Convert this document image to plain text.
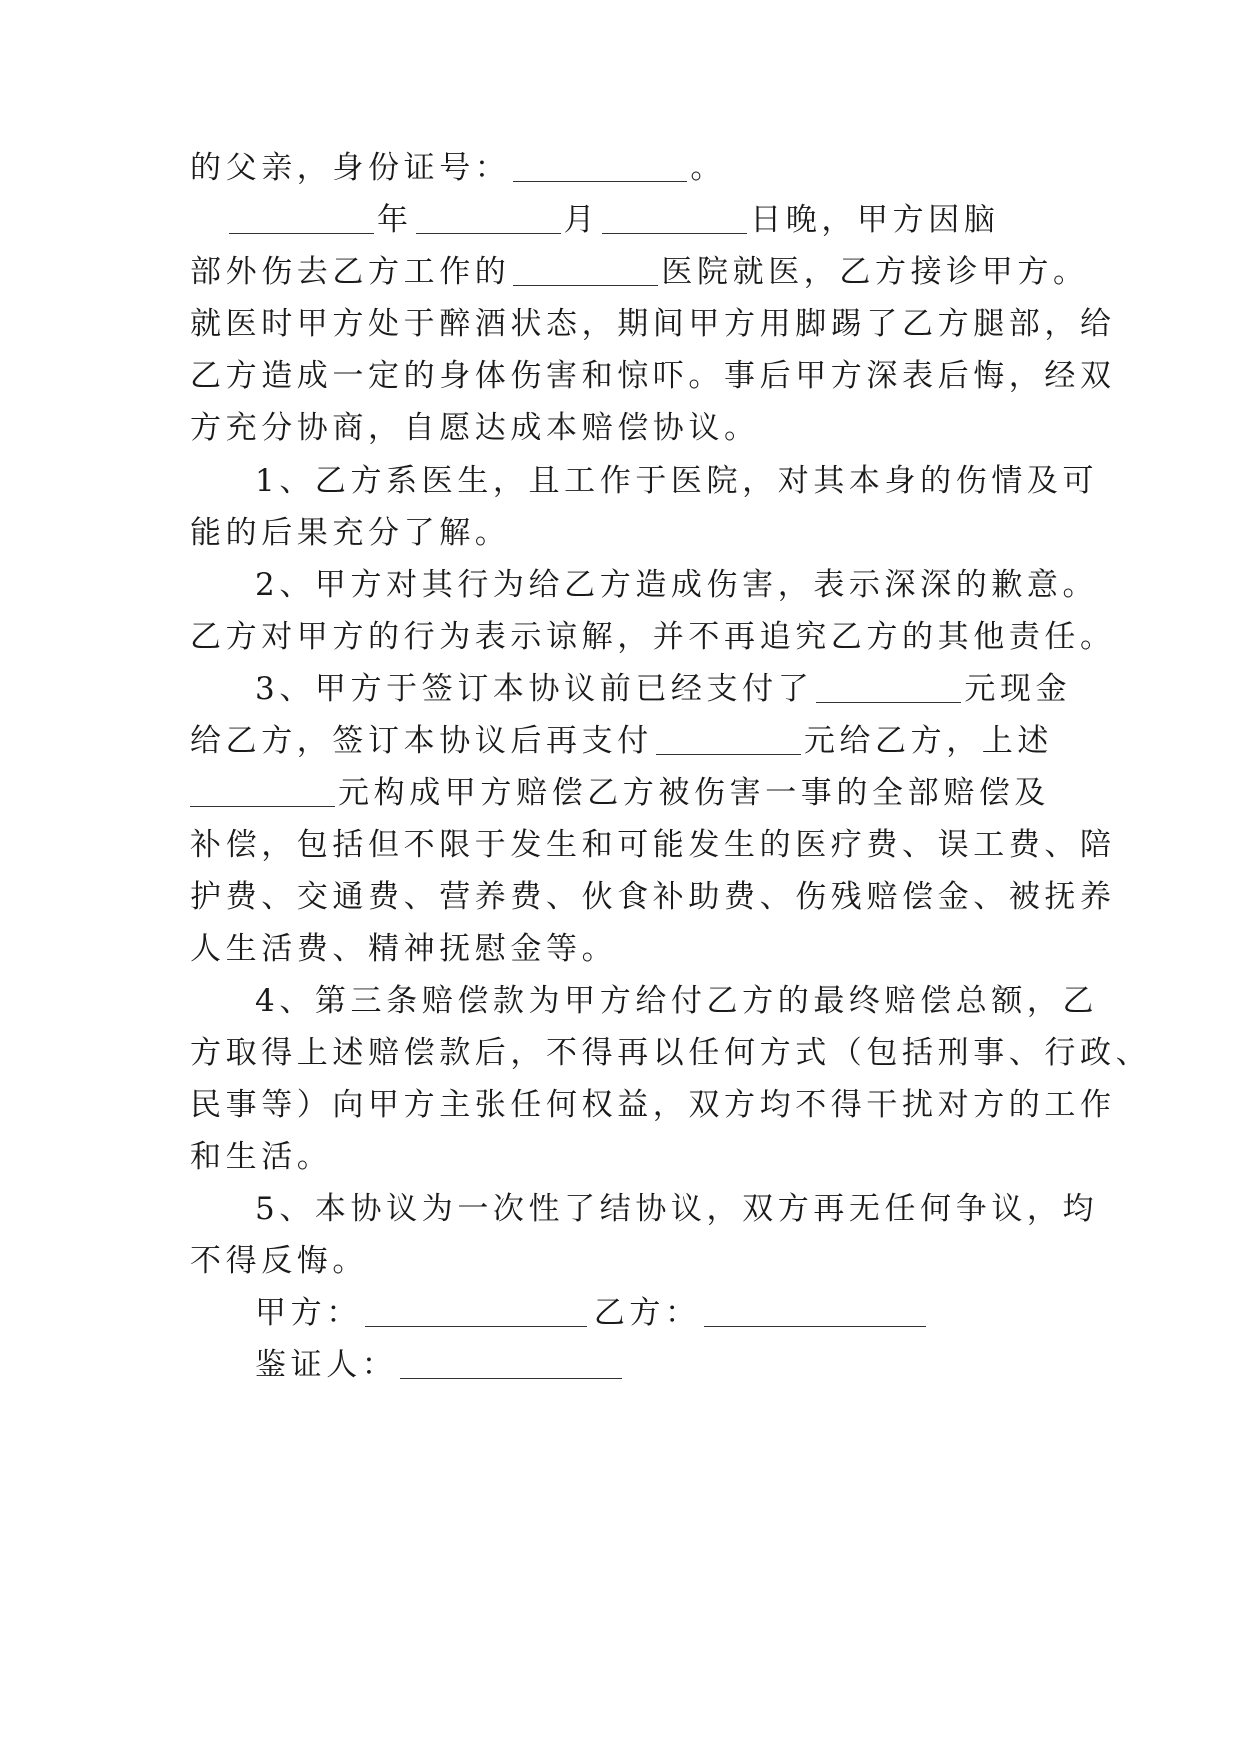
的父亲，身份证号：	。
年	月	日晚，甲方因脑
部外伤去乙方工作的	医院就医，乙方接诊甲方。
就医时甲方处于醉酒状态，期间甲方用脚踢了乙方腿部，给
乙方造成一定的身体伤害和惊吓。事后甲方深表后悔，经双
方充分协商，自愿达成本赔偿协议。
1、乙方系医生，且工作于医院，对其本身的伤情及可
能的后果充分了解。
2、甲方对其行为给乙方造成伤害，表示深深的歉意。
乙方对甲方的行为表示谅解，并不再追究乙方的其他责任。
3、甲方于签订本协议前已经支付了	元现金
给乙方，签订本协议后再支付	元给乙方，上述
元构成甲方赔偿乙方被伤害一事的全部赔偿及
补偿，包括但不限于发生和可能发生的医疗费、误工费、陪
护费、交通费、营养费、伙食补助费、伤残赔偿金、被抚养
人生活费、精神抚慰金等。
4、第三条赔偿款为甲方给付乙方的最终赔偿总额，乙
方取得上述赔偿款后，不得再以任何方式（包括刑事、行政、
民事等）向甲方主张任何权益，双方均不得干扰对方的工作
和生活。
5、本协议为一次性了结协议，双方再无任何争议，均
不得反悔。
甲方：	乙方：
鉴证人：
